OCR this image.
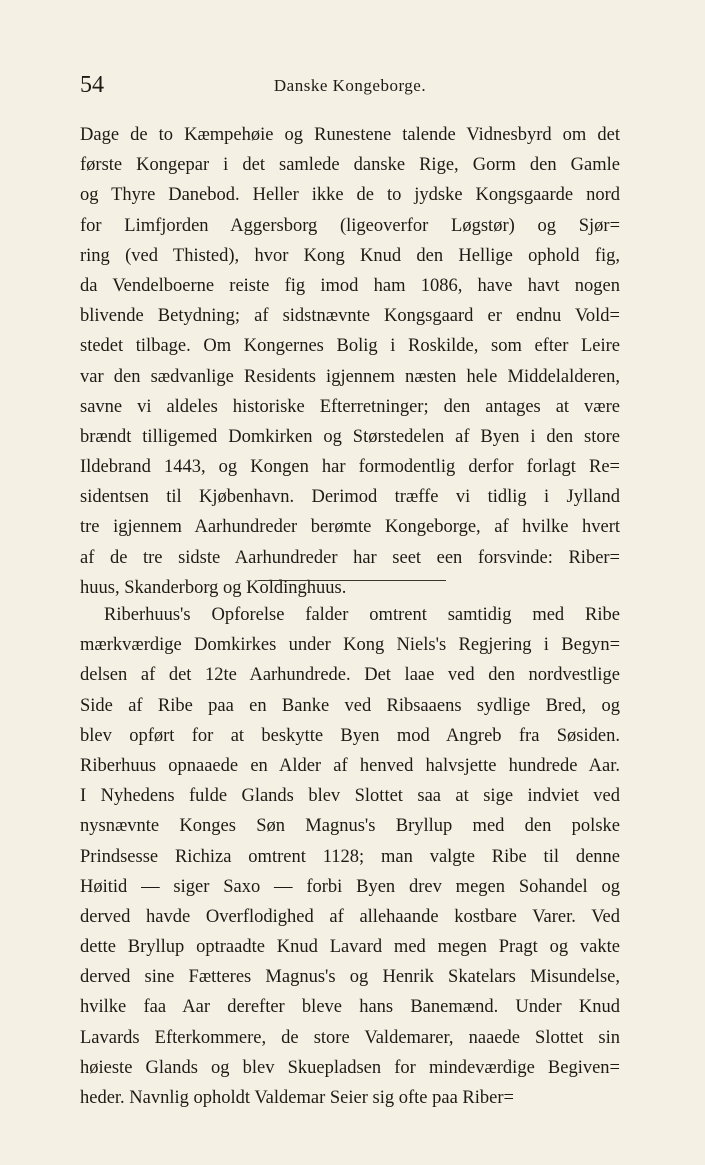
54	Danske Kongeborge.
Dage de to Kæmpehøie og Runestene talende Vidnesbyrd om det
første Kongepar i det samlede danske Rige, Gorm den Gamle
og Thyre Danebod. Heller ikke de to jydske Kongsgaarde nord
for Limfjorden Aggersborg (ligeoverfor Løgstør) og Sjør=
ring (ved Thisted), hvor Kong Knud den Hellige ophold fig,
da Vendelboerne reiste fig imod ham 1086, have havt nogen
blivende Betydning; af sidstnævnte Kongsgaard er endnu Vold=
stedet tilbage. Om Kongernes Bolig i Roskilde, som efter Leire
var den sædvanlige Residents igjennem næsten hele Middelalderen,
savne vi aldeles historiske Efterretninger; den antages at være
brændt tilligemed Domkirken og Størstedelen af Byen i den store
Ildebrand 1443, og Kongen har formodentlig derfor forlagt Re=
sidentsen til Kjøbenhavn. Derimod træffe vi tidlig i Jylland
tre igjennem Aarhundreder berømte Kongeborge, af hvilke hvert
af de tre sidste Aarhundreder har seet een forsvinde: Riber=
huus, Skanderborg og Koldinghuus.
Riberhuus's Opforelse falder omtrent samtidig med Ribe
mærkværdige Domkirkes under Kong Niels's Regjering i Begyn=
delsen af det 12te Aarhundrede. Det laae ved den nordvestlige
Side af Ribe paa en Banke ved Ribsaaens sydlige Bred, og
blev opført for at beskytte Byen mod Angreb fra Søsiden.
Riberhuus opnaaede en Alder af henved halvsjette hundrede Aar.
I Nyhedens fulde Glands blev Slottet saa at sige indviet ved
nysnævnte Konges Søn Magnus's Bryllup med den polske
Prindsesse Richiza omtrent 1128; man valgte Ribe til denne
Høitid — siger Saxo — forbi Byen drev megen Sohandel og
derved havde Overflodighed af allehaande kostbare Varer. Ved
dette Bryllup optraadte Knud Lavard med megen Pragt og vakte
derved sine Fætteres Magnus's og Henrik Skatelars Misundelse,
hvilke faa Aar derefter bleve hans Banemænd. Under Knud
Lavards Efterkommere, de store Valdemarer, naaede Slottet sin
høieste Glands og blev Skuepladsen for mindeværdige Begiven=
heder. Navnlig opholdt Valdemar Seier sig ofte paa Riber=
